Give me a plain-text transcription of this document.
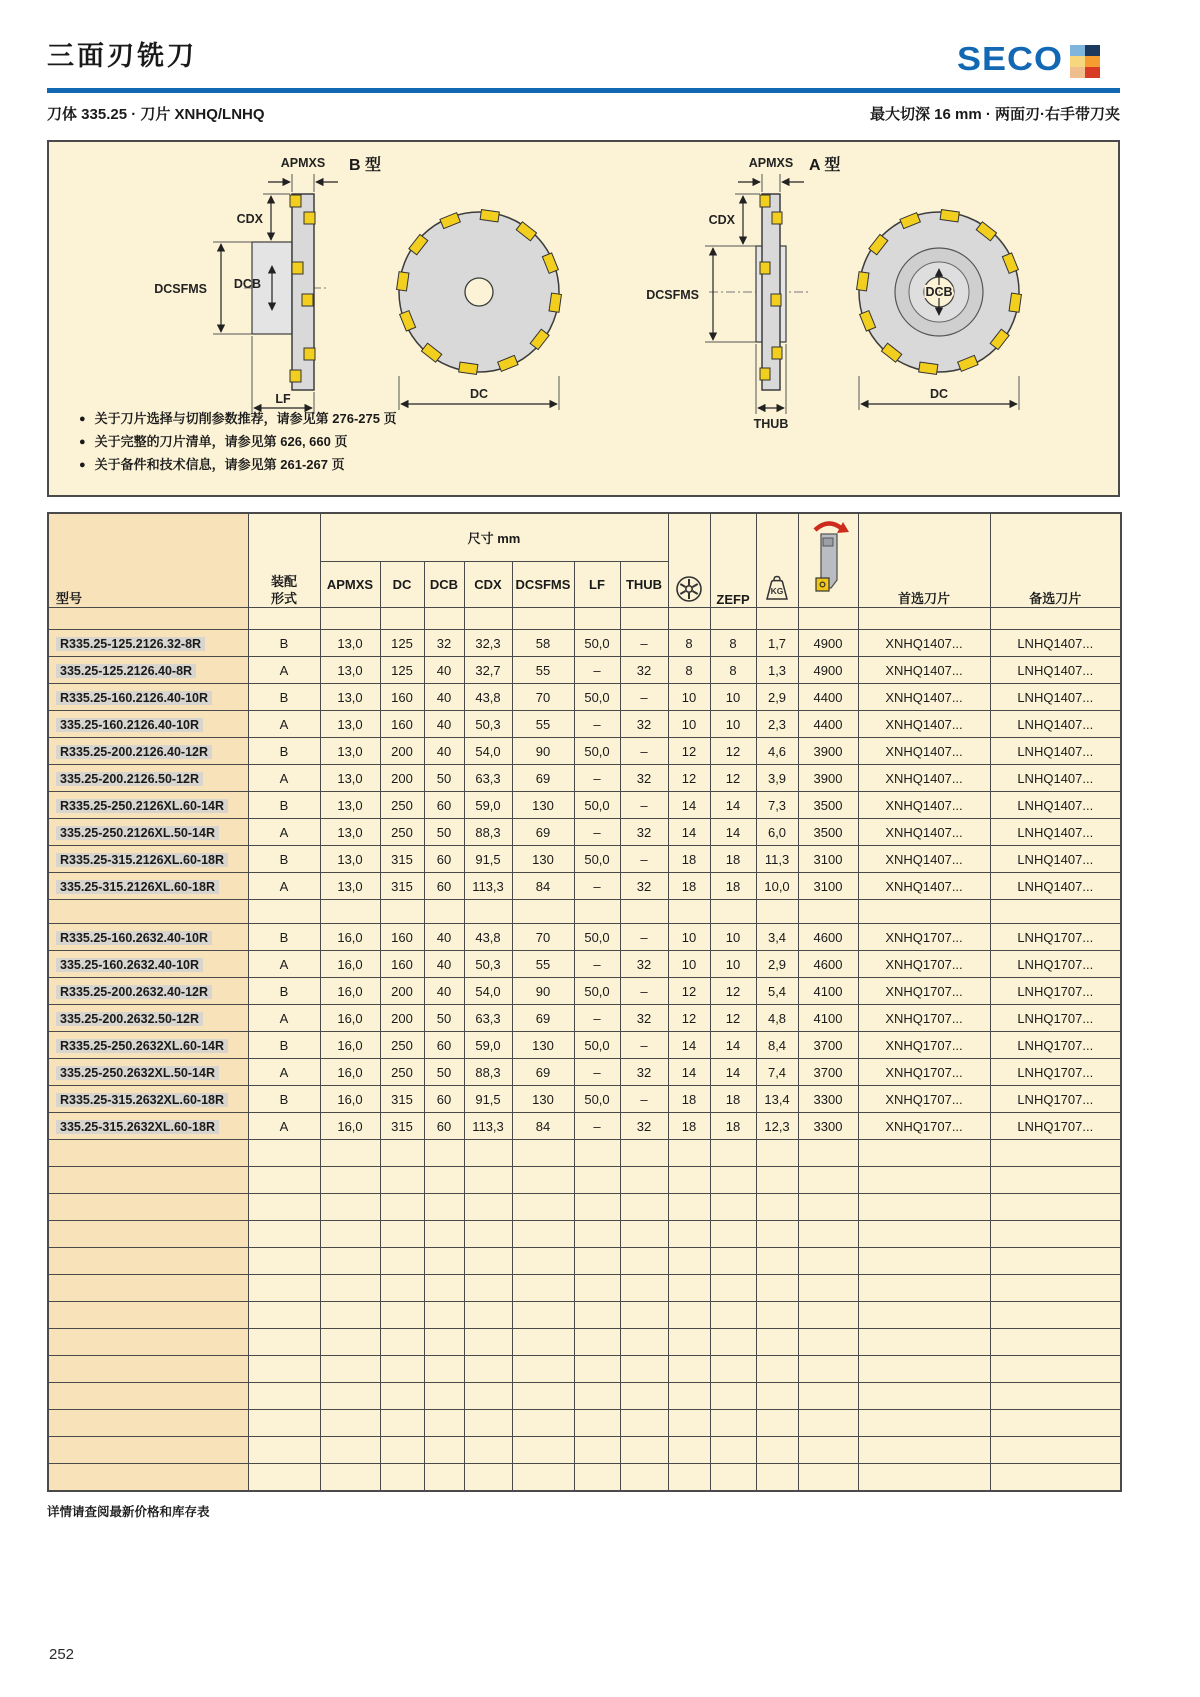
三面刃铣刀	SECO
刀体 335.25 · 刀片 XNHQ/LNHQ	最大切深 16 mm · 两面刃·右手带刀夹
B 型	A 型
APMXS
CDX
DCSFMS DCB
LF	DC
APMXS
CDX
DCSFMS
THUB
DCB
DC
● 关于刀片选择与切削参数推荐，请参见第 276-275 页
● 关于完整的刀片清单，请参见第 626, 660 页
● 关于备件和技术信息，请参见第 261-267 页
型号	装配
形式	尺寸 mm								ZEFP	KG		首选刀片	备选刀片
		APMXS	DC	DCB	CDX	DCSFMS	LF	THUB						

R335.25-125.2126.32-8R	B	13,0	125	32	32,3	58	50,0	–	8	8	1,7	4900	XNHQ1407...	LNHQ1407...
335.25-125.2126.40-8R	A	13,0	125	40	32,7	55	–	32	8	8	1,3	4900	XNHQ1407...	LNHQ1407...
R335.25-160.2126.40-10R	B	13,0	160	40	43,8	70	50,0	–	10	10	2,9	4400	XNHQ1407...	LNHQ1407...
335.25-160.2126.40-10R	A	13,0	160	40	50,3	55	–	32	10	10	2,3	4400	XNHQ1407...	LNHQ1407...
R335.25-200.2126.40-12R	B	13,0	200	40	54,0	90	50,0	–	12	12	4,6	3900	XNHQ1407...	LNHQ1407...
335.25-200.2126.50-12R	A	13,0	200	50	63,3	69	–	32	12	12	3,9	3900	XNHQ1407...	LNHQ1407...
R335.25-250.2126XL.60-14R	B	13,0	250	60	59,0	130	50,0	–	14	14	7,3	3500	XNHQ1407...	LNHQ1407...
335.25-250.2126XL.50-14R	A	13,0	250	50	88,3	69	–	32	14	14	6,0	3500	XNHQ1407...	LNHQ1407...
R335.25-315.2126XL.60-18R	B	13,0	315	60	91,5	130	50,0	–	18	18	11,3	3100	XNHQ1407...	LNHQ1407...
335.25-315.2126XL.60-18R	A	13,0	315	60	113,3	84	–	32	18	18	10,0	3100	XNHQ1407...	LNHQ1407...

R335.25-160.2632.40-10R	B	16,0	160	40	43,8	70	50,0	–	10	10	3,4	4600	XNHQ1707...	LNHQ1707...
335.25-160.2632.40-10R	A	16,0	160	40	50,3	55	–	32	10	10	2,9	4600	XNHQ1707...	LNHQ1707...
R335.25-200.2632.40-12R	B	16,0	200	40	54,0	90	50,0	–	12	12	5,4	4100	XNHQ1707...	LNHQ1707...
335.25-200.2632.50-12R	A	16,0	200	50	63,3	69	–	32	12	12	4,8	4100	XNHQ1707...	LNHQ1707...
R335.25-250.2632XL.60-14R	B	16,0	250	60	59,0	130	50,0	–	14	14	8,4	3700	XNHQ1707...	LNHQ1707...
335.25-250.2632XL.50-14R	A	16,0	250	50	88,3	69	–	32	14	14	7,4	3700	XNHQ1707...	LNHQ1707...
R335.25-315.2632XL.60-18R	B	16,0	315	60	91,5	130	50,0	–	18	18	13,4	3300	XNHQ1707...	LNHQ1707...
335.25-315.2632XL.60-18R	A	16,0	315	60	113,3	84	–	32	18	18	12,3	3300	XNHQ1707...	LNHQ1707...

详情请查阅最新价格和库存表
252
